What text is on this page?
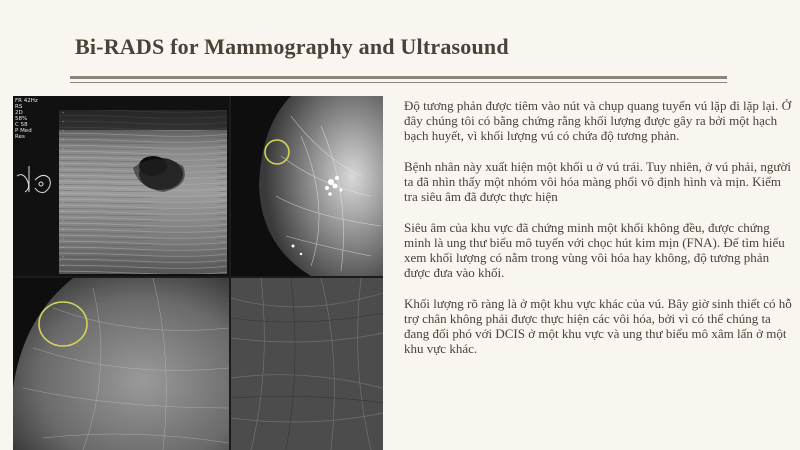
Bi-RADS for Mammography and Ultrasound
FR 42Hz
RS
2D
58%
C 58
P Med
Res

Độ tương phản được tiêm vào nút và chụp quang tuyến vú lặp đi lặp lại. Ở đây chúng tôi có bằng chứng rằng khối lượng được gây ra bởi một hạch bạch huyết, vì khối lượng vú có chứa độ tương phản.

Bệnh nhân này xuất hiện một khối u ở vú trái. Tuy nhiên, ở vú phải, người ta đã nhìn thấy một nhóm vôi hóa màng phổi vô định hình và mịn. Kiểm tra siêu âm đã được thực hiện

Siêu âm của khu vực đã chứng minh một khối không đều, được chứng minh là ung thư biểu mô tuyến với chọc hút kim mịn (FNA). Để tìm hiểu xem khối lượng có nằm trong vùng vôi hóa hay không, độ tương phản được đưa vào khối.

Khối lượng rõ ràng là ở một khu vực khác của vú. Bây giờ sinh thiết có hỗ trợ chân không phải được thực hiện các vôi hóa, bởi vì có thể chúng ta đang đối phó với DCIS ở một khu vực và ung thư biểu mô xâm lấn ở một khu vực khác.
